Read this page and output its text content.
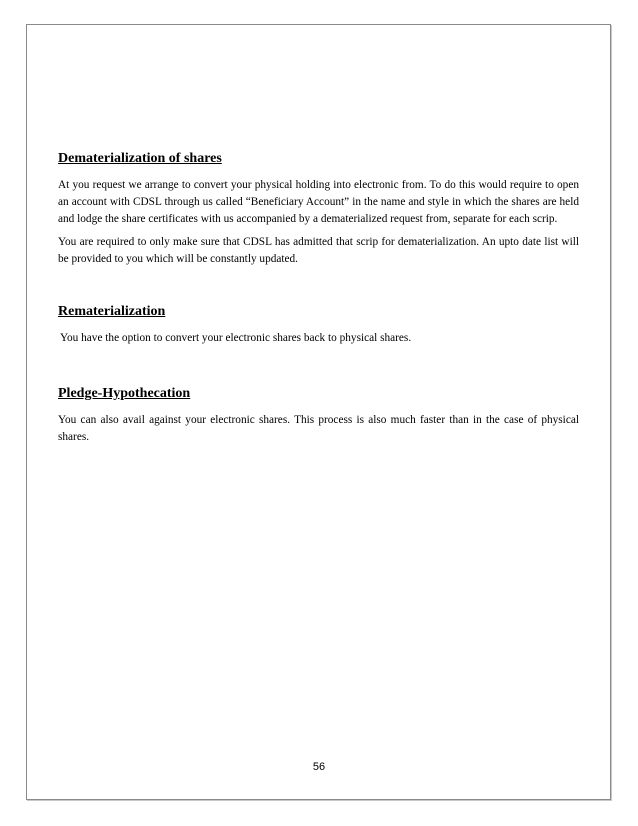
Dematerialization of shares

At you request we arrange to convert your physical holding into electronic from. To do this would require to open an account with CDSL through us called “Beneficiary Account” in the name and style in which the shares are held and lodge the share certificates with us accompanied by a dematerialized request from, separate for each scrip.

You are required to only make sure that CDSL has admitted that scrip for dematerialization. An upto date list will be provided to you which will be constantly updated.

Rematerialization

You have the option to convert your electronic shares back to physical shares.

Pledge-Hypothecation

You can also avail against your electronic shares. This process is also much faster than in the case of physical shares.

56
